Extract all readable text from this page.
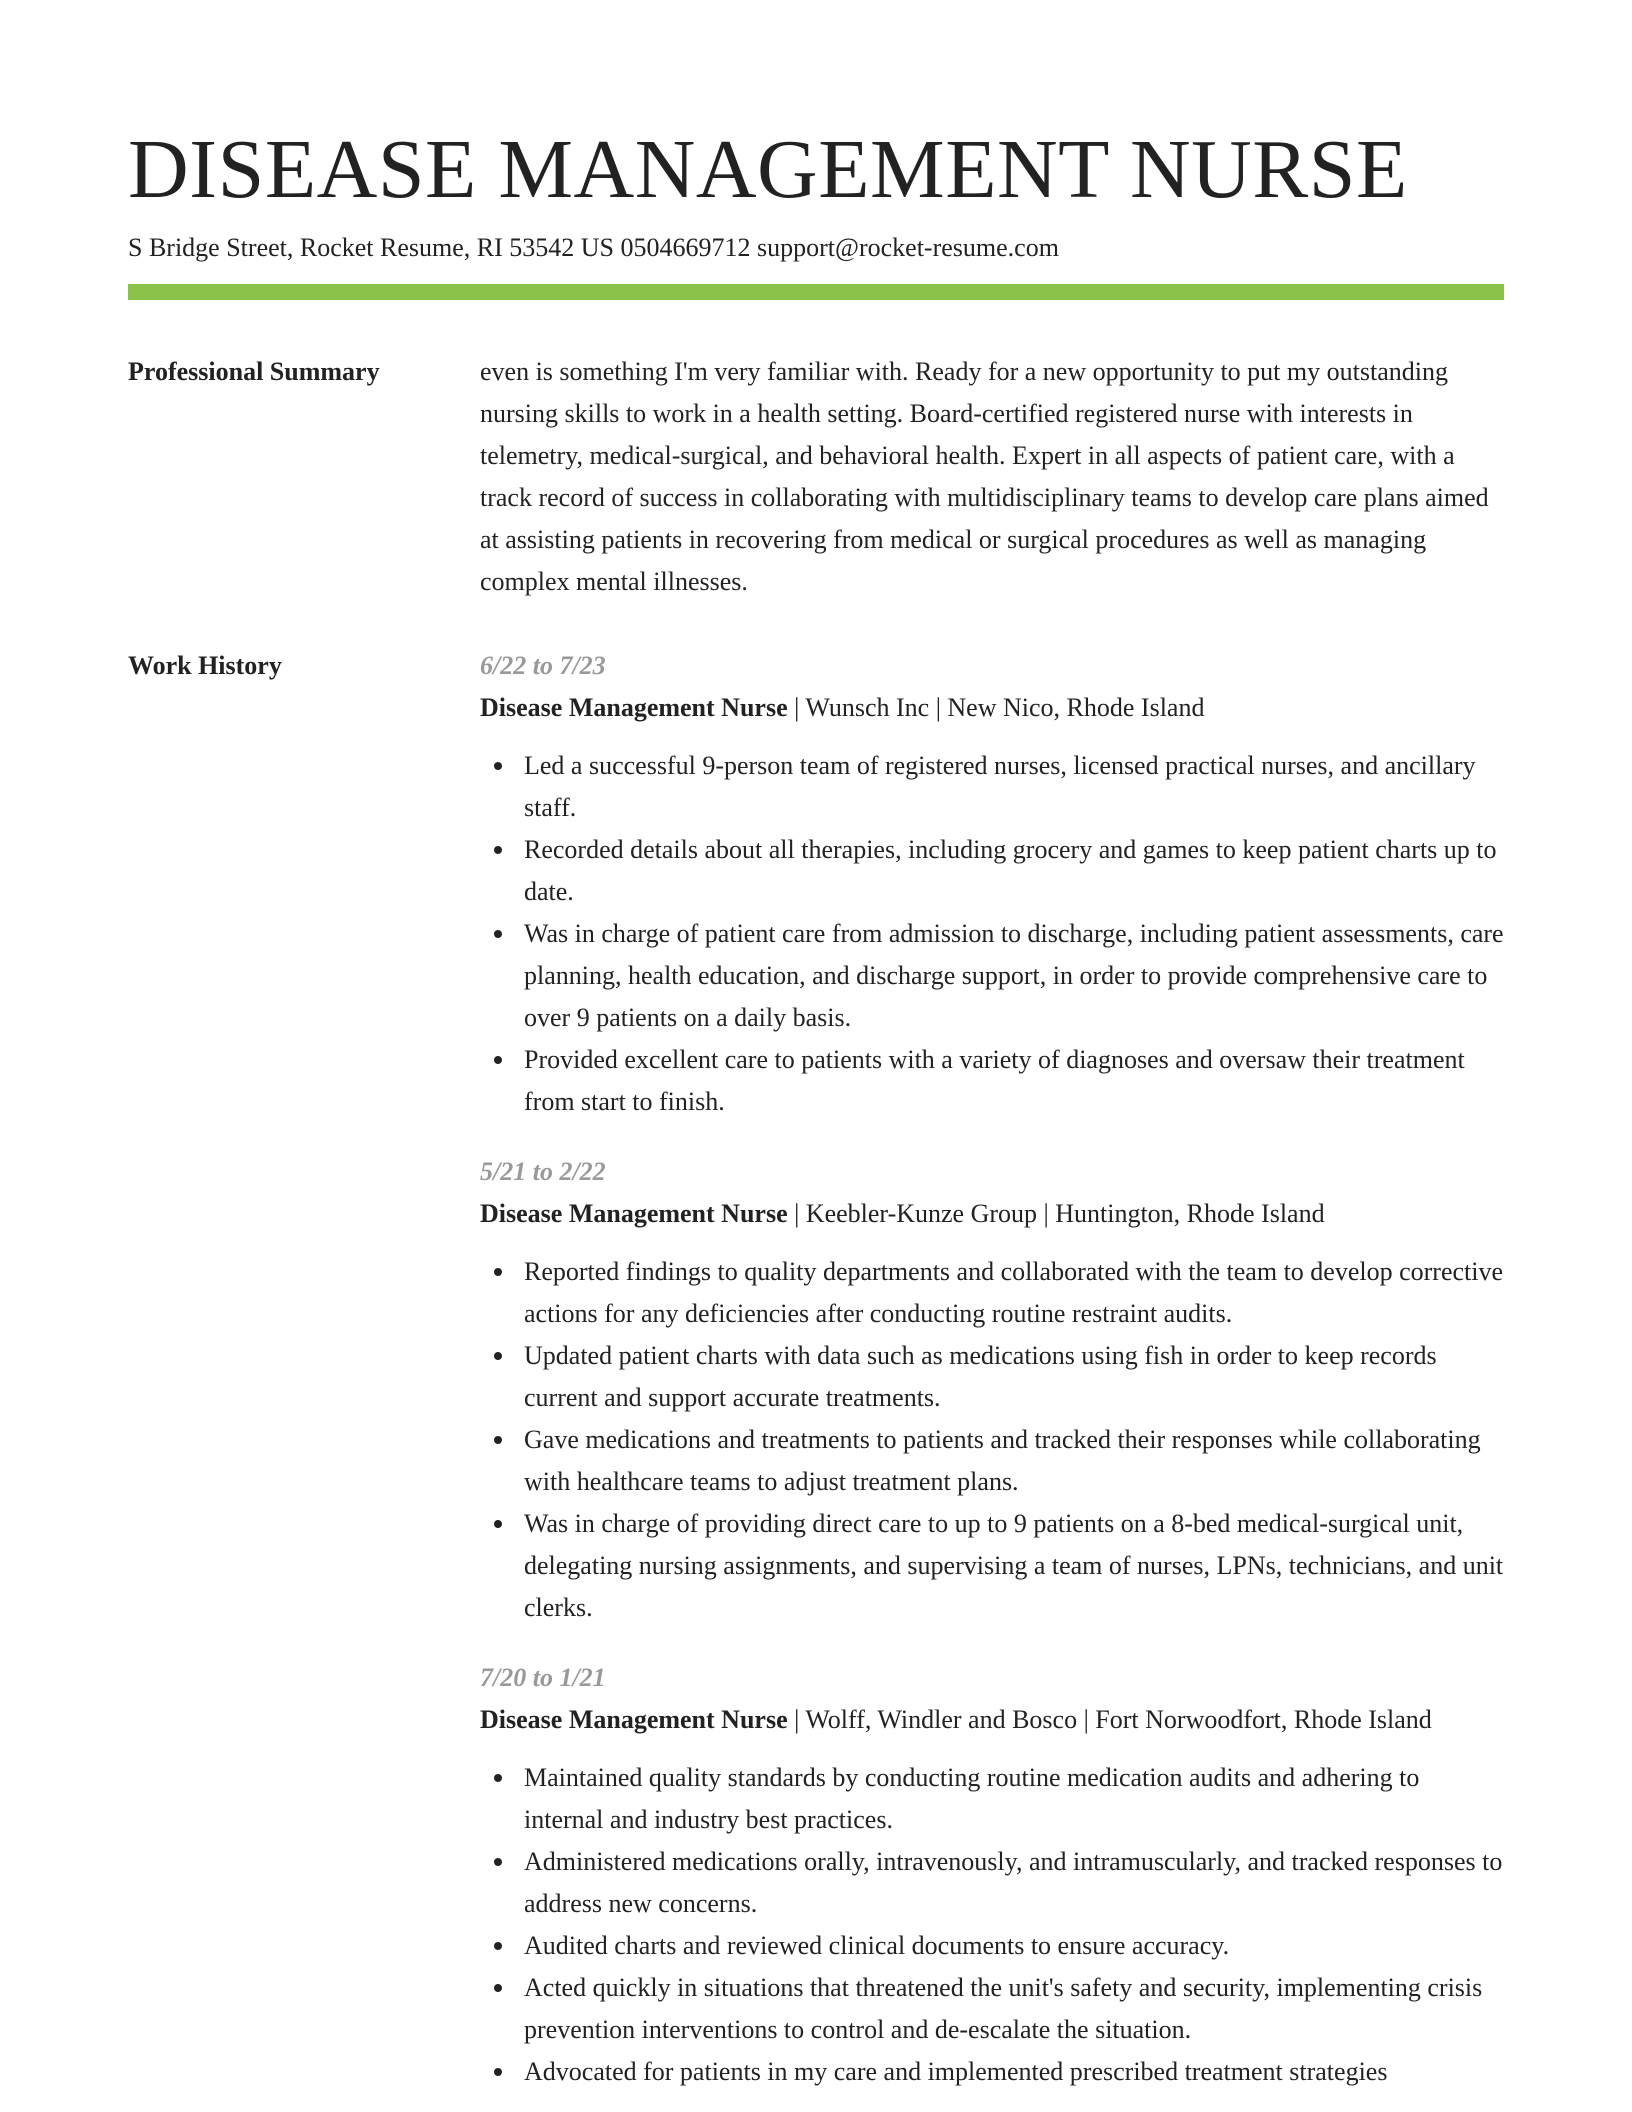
DISEASE MANAGEMENT NURSE
S Bridge Street, Rocket Resume, RI 53542 US 0504669712 support@rocket-resume.com
Professional Summary	even is something I'm very familiar with. Ready for a new opportunity to put my outstanding nursing skills to work in a health setting. Board-certified registered nurse with interests in telemetry, medical-surgical, and behavioral health. Expert in all aspects of patient care, with a track record of success in collaborating with multidisciplinary teams to develop care plans aimed at assisting patients in recovering from medical or surgical procedures as well as managing complex mental illnesses.

Work History	6/22 to 7/23
Disease Management Nurse | Wunsch Inc | New Nico, Rhode Island
Led a successful 9-person team of registered nurses, licensed practical nurses, and ancillary staff.
Recorded details about all therapies, including grocery and games to keep patient charts up to date.
Was in charge of patient care from admission to discharge, including patient assessments, care planning, health education, and discharge support, in order to provide comprehensive care to over 9 patients on a daily basis.
Provided excellent care to patients with a variety of diagnoses and oversaw their treatment from start to finish.
5/21 to 2/22
Disease Management Nurse | Keebler-Kunze Group | Huntington, Rhode Island
Reported findings to quality departments and collaborated with the team to develop corrective actions for any deficiencies after conducting routine restraint audits.
Updated patient charts with data such as medications using fish in order to keep records current and support accurate treatments.
Gave medications and treatments to patients and tracked their responses while collaborating with healthcare teams to adjust treatment plans.
Was in charge of providing direct care to up to 9 patients on a 8-bed medical-surgical unit, delegating nursing assignments, and supervising a team of nurses, LPNs, technicians, and unit clerks.
7/20 to 1/21
Disease Management Nurse | Wolff, Windler and Bosco | Fort Norwoodfort, Rhode Island
Maintained quality standards by conducting routine medication audits and adhering to internal and industry best practices.
Administered medications orally, intravenously, and intramuscularly, and tracked responses to address new concerns.
Audited charts and reviewed clinical documents to ensure accuracy.
Acted quickly in situations that threatened the unit's safety and security, implementing crisis prevention interventions to control and de-escalate the situation.
Advocated for patients in my care and implemented prescribed treatment strategies
